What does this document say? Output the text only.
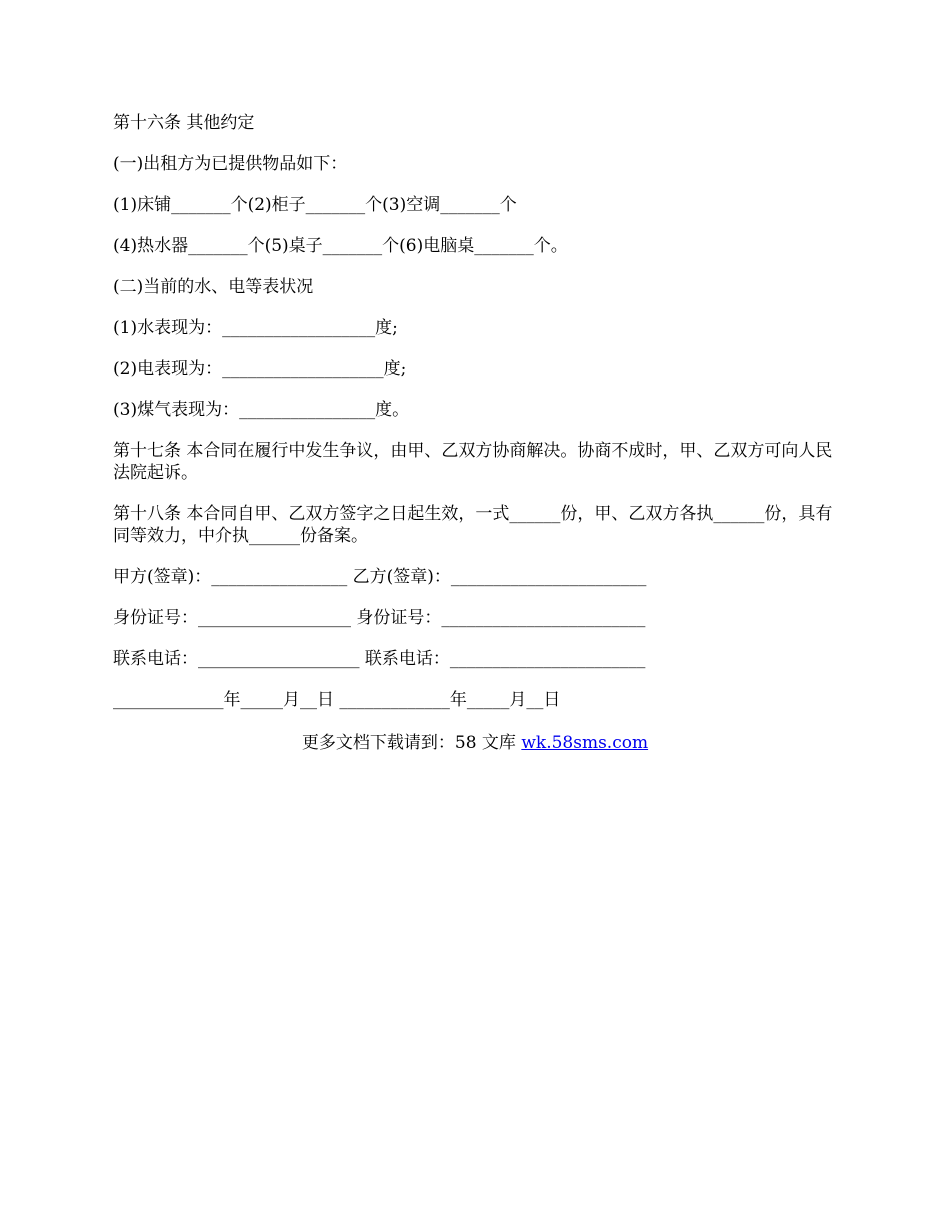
第十六条 其他约定

(一)出租方为已提供物品如下：

(1)床铺_______个(2)柜子_______个(3)空调_______个

(4)热水器_______个(5)桌子_______个(6)电脑桌_______个。

(二)当前的水、电等表状况

(1)水表现为：__________________度;

(2)电表现为：___________________度;

(3)煤气表现为：________________度。

第十七条 本合同在履行中发生争议，由甲、乙双方协商解决。协商不成时，甲、乙双方可向人民法院起诉。

第十八条 本合同自甲、乙双方签字之日起生效，一式______份，甲、乙双方各执______份，具有同等效力，中介执______份备案。

甲方(签章)：________________ 乙方(签章)：_______________________

身份证号：__________________ 身份证号：________________________

联系电话：___________________ 联系电话：_______________________

_____________年_____月__日 _____________年_____月__日

更多文档下载请到：58 文库 wk.58sms.com
